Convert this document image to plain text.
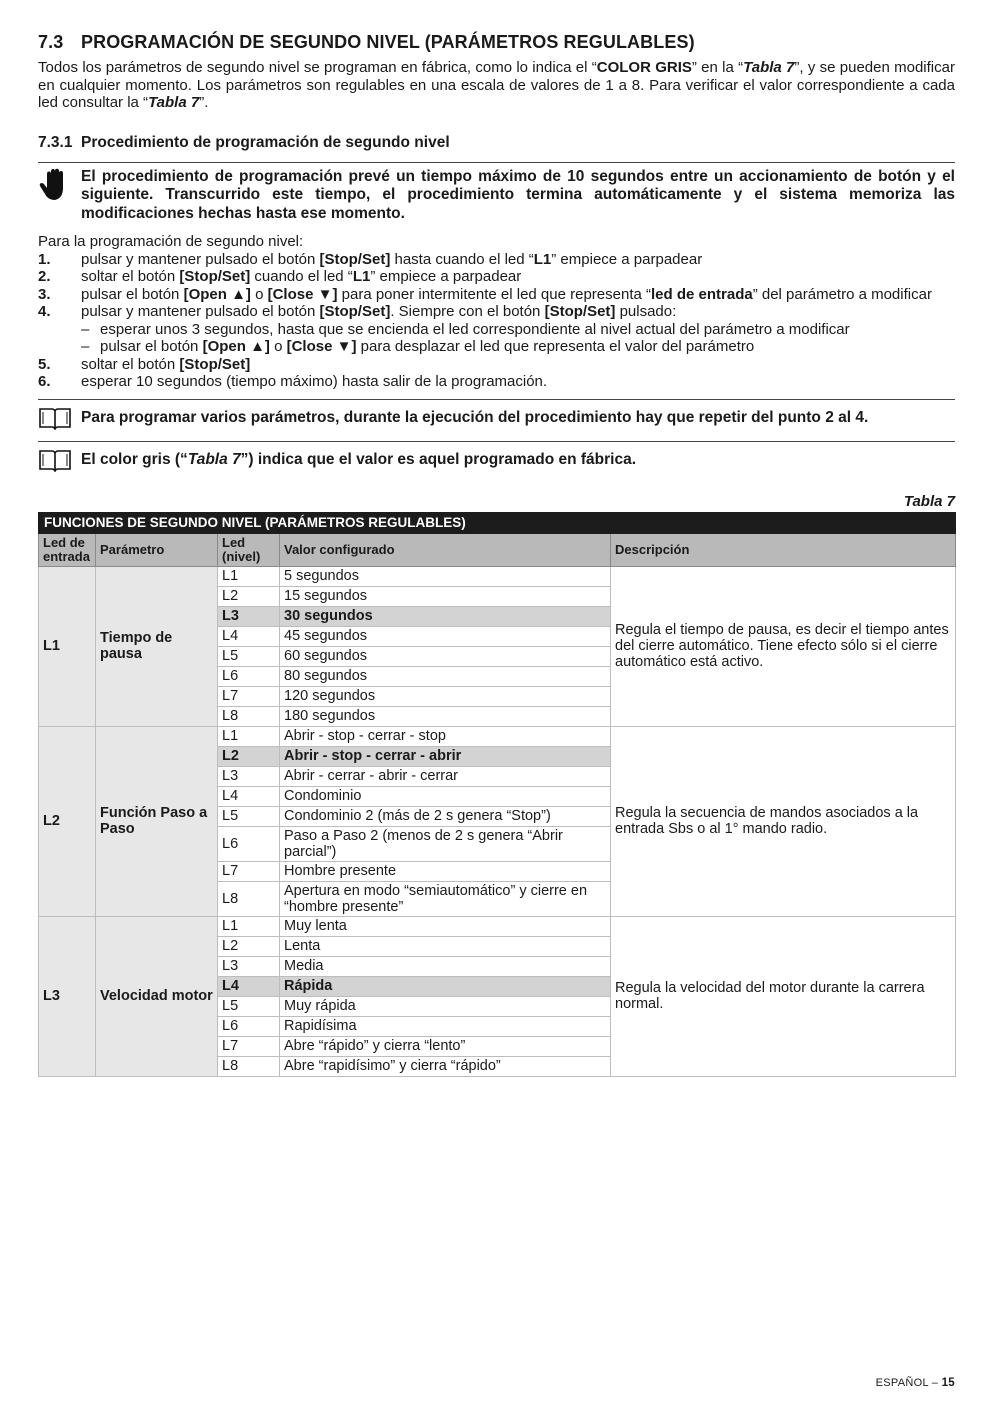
7.3 PROGRAMACIÓN DE SEGUNDO NIVEL (PARÁMETROS REGULABLES)

Todos los parámetros de segundo nivel se programan en fábrica, como lo indica el “COLOR GRIS” en la “Tabla 7”, y se pueden modificar en cualquier momento. Los parámetros son regulables en una escala de valores de 1 a 8. Para verificar el valor correspondiente a cada led consultar la “Tabla 7”.

7.3.1 Procedimiento de programación de segundo nivel
El procedimiento de programación prevé un tiempo máximo de 10 segundos entre un accionamiento de botón y el siguiente. Transcurrido este tiempo, el procedimiento termina automáticamente y el sistema memoriza las modificaciones hechas hasta ese momento.

Para la programación de segundo nivel:

1. pulsar y mantener pulsado el botón [Stop/Set] hasta cuando el led “L1” empiece a parpadear
2. soltar el botón [Stop/Set] cuando el led “L1” empiece a parpadear
3. pulsar el botón [Open ▲] o [Close ▼] para poner intermitente el led que representa “led de entrada” del parámetro a modificar
4. pulsar y mantener pulsado el botón [Stop/Set]. Siempre con el botón [Stop/Set] pulsado:
– esperar unos 3 segundos, hasta que se encienda el led correspondiente al nivel actual del parámetro a modificar
– pulsar el botón [Open ▲] o [Close ▼] para desplazar el led que representa el valor del parámetro
5. soltar el botón [Stop/Set]
6. esperar 10 segundos (tiempo máximo) hasta salir de la programación.
Para programar varios parámetros, durante la ejecución del procedimiento hay que repetir del punto 2 al 4.
El color gris (“Tabla 7”) indica que el valor es aquel programado en fábrica.
Tabla 7
FUNCIONES DE SEGUNDO NIVEL (PARÁMETROS REGULABLES)				
Led de entrada	Parámetro	Led (nivel)	Valor configurado	Descripción
L1	Tiempo de pausa	L1	5 segundos	Regula el tiempo de pausa, es decir el tiempo antes del cierre automático. Tiene efecto sólo si el cierre automático está activo.
		L2	15 segundos	
		L3	30 segundos	
		L4	45 segundos	
		L5	60 segundos	
		L6	80 segundos	
		L7	120 segundos	
		L8	180 segundos	
L2	Función Paso a Paso	L1	Abrir - stop - cerrar - stop	Regula la secuencia de mandos asociados a la entrada Sbs o al 1° mando radio.
		L2	Abrir - stop - cerrar - abrir	
		L3	Abrir - cerrar - abrir - cerrar	
		L4	Condominio	
		L5	Condominio 2 (más de 2 s genera “Stop”)	
		L6	Paso a Paso 2 (menos de 2 s genera “Abrir parcial”)	
		L7	Hombre presente	
		L8	Apertura en modo “semiautomático” y cierre en “hombre presente”	
L3	Velocidad motor	L1	Muy lenta	Regula la velocidad del motor durante la carrera normal.
		L2	Lenta	
		L3	Media	
		L4	Rápida	
		L5	Muy rápida	
		L6	Rapidísima	
		L7	Abre “rápido” y cierra “lento”	
		L8	Abre “rapidísimo” y cierra “rápido”	
ESPAÑOL – 15
